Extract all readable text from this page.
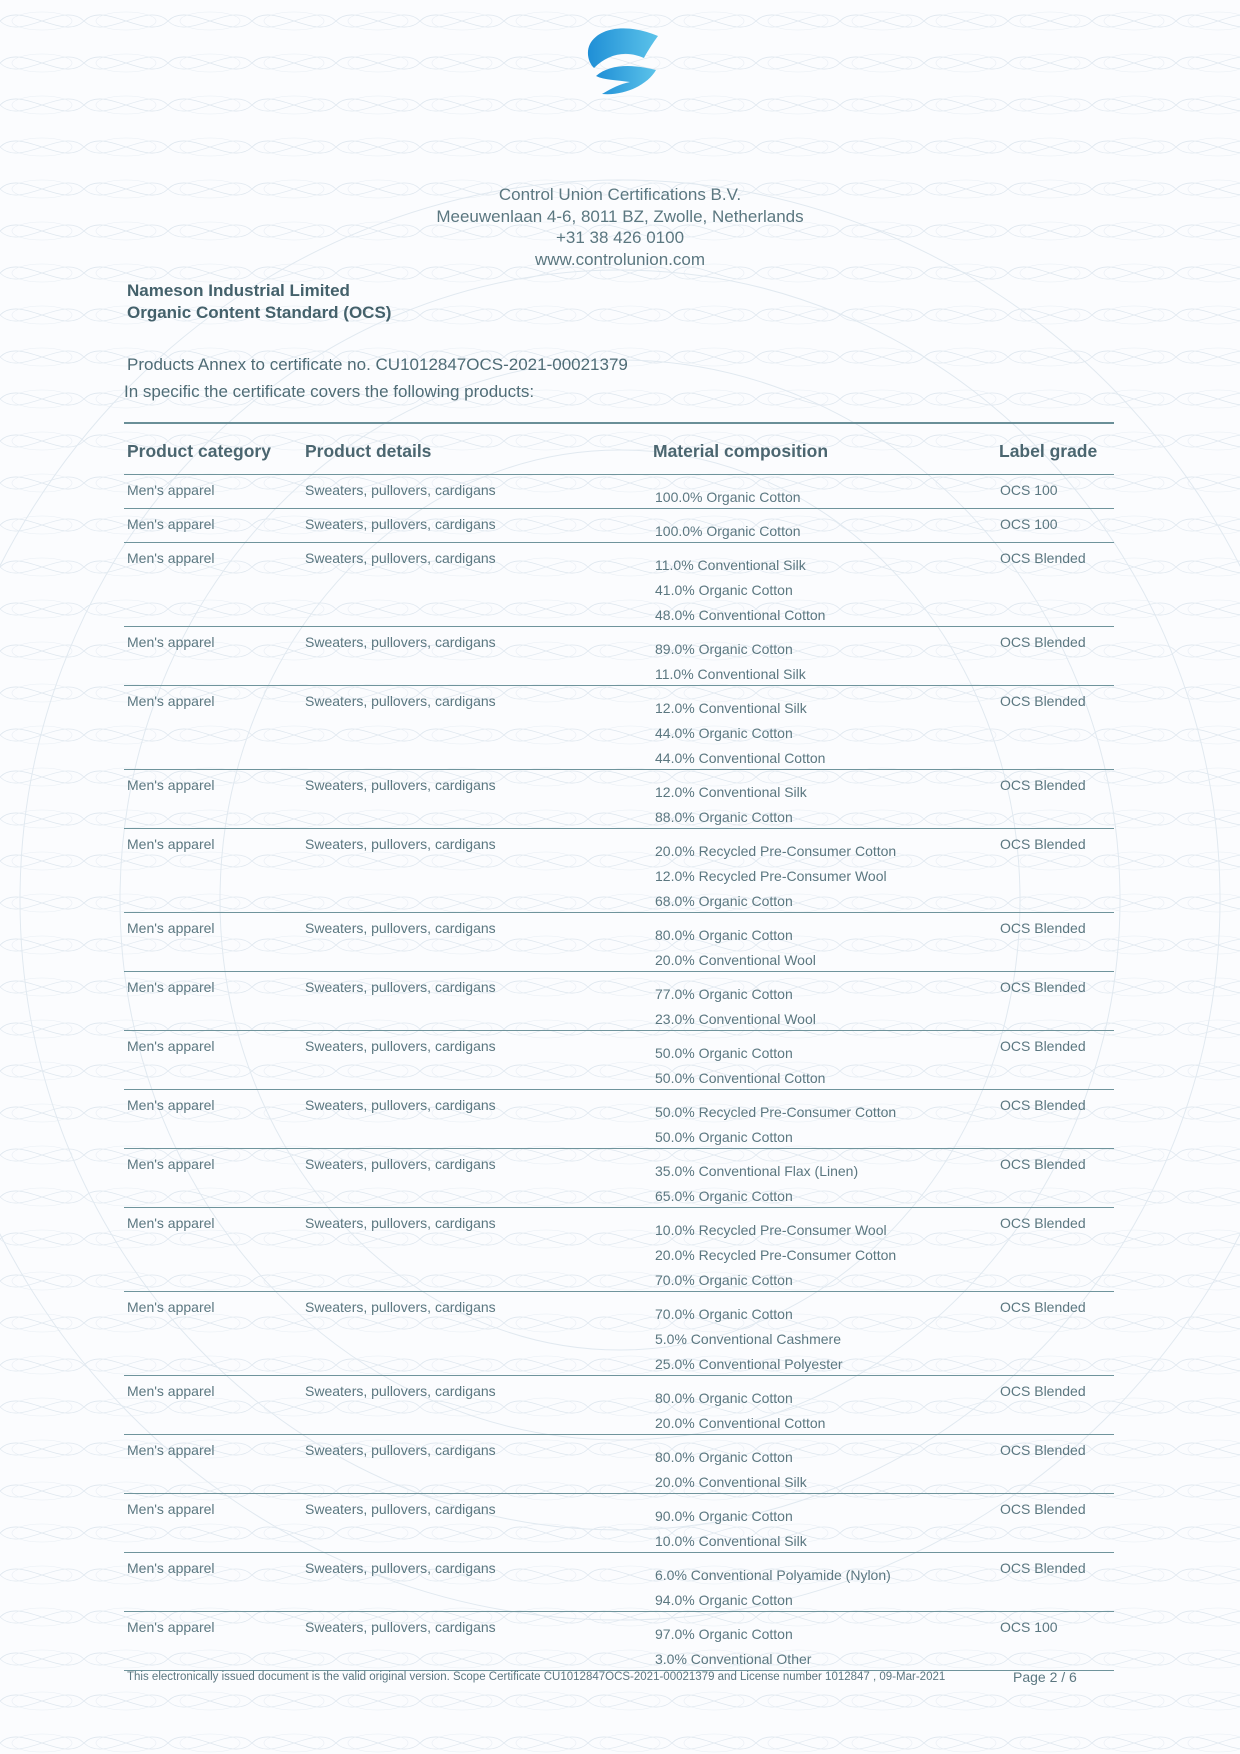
Control Union Certifications B.V.
Meeuwenlaan 4-6, 8011 BZ, Zwolle, Netherlands
+31 38 426 0100
www.controlunion.com
Nameson Industrial Limited
Organic Content Standard (OCS)
Products Annex to certificate no. CU1012847OCS-2021-00021379
In specific the certificate covers the following products:
Product category Product details	Material composition	Label grade
Men's apparel	Sweaters, pullovers, cardigans	100.0% Organic Cotton	OCS 100
Men's apparel	Sweaters, pullovers, cardigans	100.0% Organic Cotton	OCS 100
Men's apparel	Sweaters, pullovers, cardigans	11.0% Conventional Silk
41.0% Organic Cotton
48.0% Conventional Cotton
OCS Blended
Men's apparel	Sweaters, pullovers, cardigans	89.0% Organic Cotton
11.0% Conventional Silk
OCS Blended
Men's apparel	Sweaters, pullovers, cardigans	12.0% Conventional Silk
44.0% Organic Cotton
44.0% Conventional Cotton
OCS Blended
Men's apparel	Sweaters, pullovers, cardigans	12.0% Conventional Silk
88.0% Organic Cotton
OCS Blended
Men's apparel	Sweaters, pullovers, cardigans	20.0% Recycled Pre-Consumer Cotton
12.0% Recycled Pre-Consumer Wool
68.0% Organic Cotton
OCS Blended
Men's apparel	Sweaters, pullovers, cardigans	80.0% Organic Cotton
20.0% Conventional Wool
OCS Blended
Men's apparel	Sweaters, pullovers, cardigans	77.0% Organic Cotton
23.0% Conventional Wool
OCS Blended
Men's apparel	Sweaters, pullovers, cardigans	50.0% Organic Cotton
50.0% Conventional Cotton
OCS Blended
Men's apparel	Sweaters, pullovers, cardigans	50.0% Recycled Pre-Consumer Cotton
50.0% Organic Cotton
OCS Blended
Men's apparel	Sweaters, pullovers, cardigans	35.0% Conventional Flax (Linen)
65.0% Organic Cotton
OCS Blended
Men's apparel	Sweaters, pullovers, cardigans	10.0% Recycled Pre-Consumer Wool
20.0% Recycled Pre-Consumer Cotton
70.0% Organic Cotton
OCS Blended
Men's apparel	Sweaters, pullovers, cardigans	70.0% Organic Cotton
5.0% Conventional Cashmere
25.0% Conventional Polyester
OCS Blended
Men's apparel	Sweaters, pullovers, cardigans	80.0% Organic Cotton
20.0% Conventional Cotton
OCS Blended
Men's apparel	Sweaters, pullovers, cardigans	80.0% Organic Cotton
20.0% Conventional Silk
OCS Blended
Men's apparel	Sweaters, pullovers, cardigans	90.0% Organic Cotton
10.0% Conventional Silk
OCS Blended
Men's apparel	Sweaters, pullovers, cardigans	6.0% Conventional Polyamide (Nylon)
94.0% Organic Cotton
OCS Blended
Men's apparel	Sweaters, pullovers, cardigans	97.0% Organic Cotton
3.0% Conventional Other
OCS 100
This electronically issued document is the valid original version. Scope Certificate CU1012847OCS-2021-00021379 and License number 1012847 , 09-Mar-2021	Page 2 / 6
